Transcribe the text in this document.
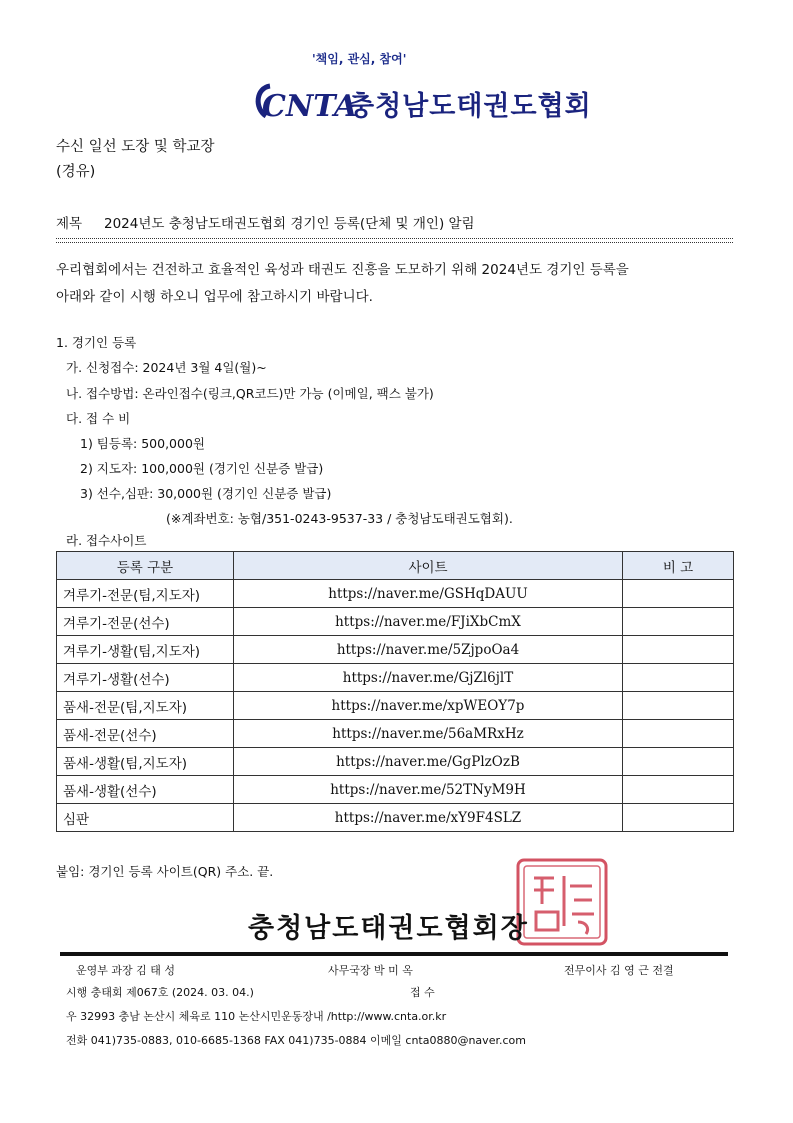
'책임, 관심, 참여'
CNTA
충청남도태권도협회
수신 일선 도장 및 학교장
(경유)
제목 2024년도 충청남도태권도협회 경기인 등록(단체 및 개인) 알림
우리협회에서는 건전하고 효율적인 육성과 태권도 진흥을 도모하기 위해 2024년도 경기인 등록을
아래와 같이 시행 하오니 업무에 참고하시기 바랍니다.
1. 경기인 등록
가. 신청접수: 2024년 3월 4일(월)~
나. 접수방법: 온라인접수(링크,QR코드)만 가능 (이메일, 팩스 불가)
다. 접 수 비
1) 팀등록: 500,000원
2) 지도자: 100,000원 (경기인 신분증 발급)
3) 선수,심판: 30,000원 (경기인 신분증 발급)
(※계좌번호: 농협/351-0243-9537-33 / 충청남도태권도협회).
라. 접수사이트
등록 구분	사이트	비 고
겨루기-전문(팀,지도자)	https://naver.me/GSHqDAUU	
겨루기-전문(선수)	https://naver.me/FJiXbCmX	
겨루기-생활(팀,지도자)	https://naver.me/5ZjpoOa4	
겨루기-생활(선수)	https://naver.me/GjZl6jlT	
품새-전문(팀,지도자)	https://naver.me/xpWEOY7p	
품새-전문(선수)	https://naver.me/56aMRxHz	
품새-생활(팀,지도자)	https://naver.me/GgPlzOzB	
품새-생활(선수)	https://naver.me/52TNyM9H	
심판	https://naver.me/xY9F4SLZ	
붙임: 경기인 등록 사이트(QR) 주소. 끝.
충청남도태권도협회장
운영부 과장 김 태 성	사무국장 박 미 옥	전무이사 김 영 근 전결
시행 충태회 제067호 (2024. 03. 04.)	접 수
우 32993 충남 논산시 체육로 110 논산시민운동장내 /http://www.cnta.or.kr
전화 041)735-0883, 010-6685-1368 FAX 041)735-0884 이메일 cnta0880@naver.com
